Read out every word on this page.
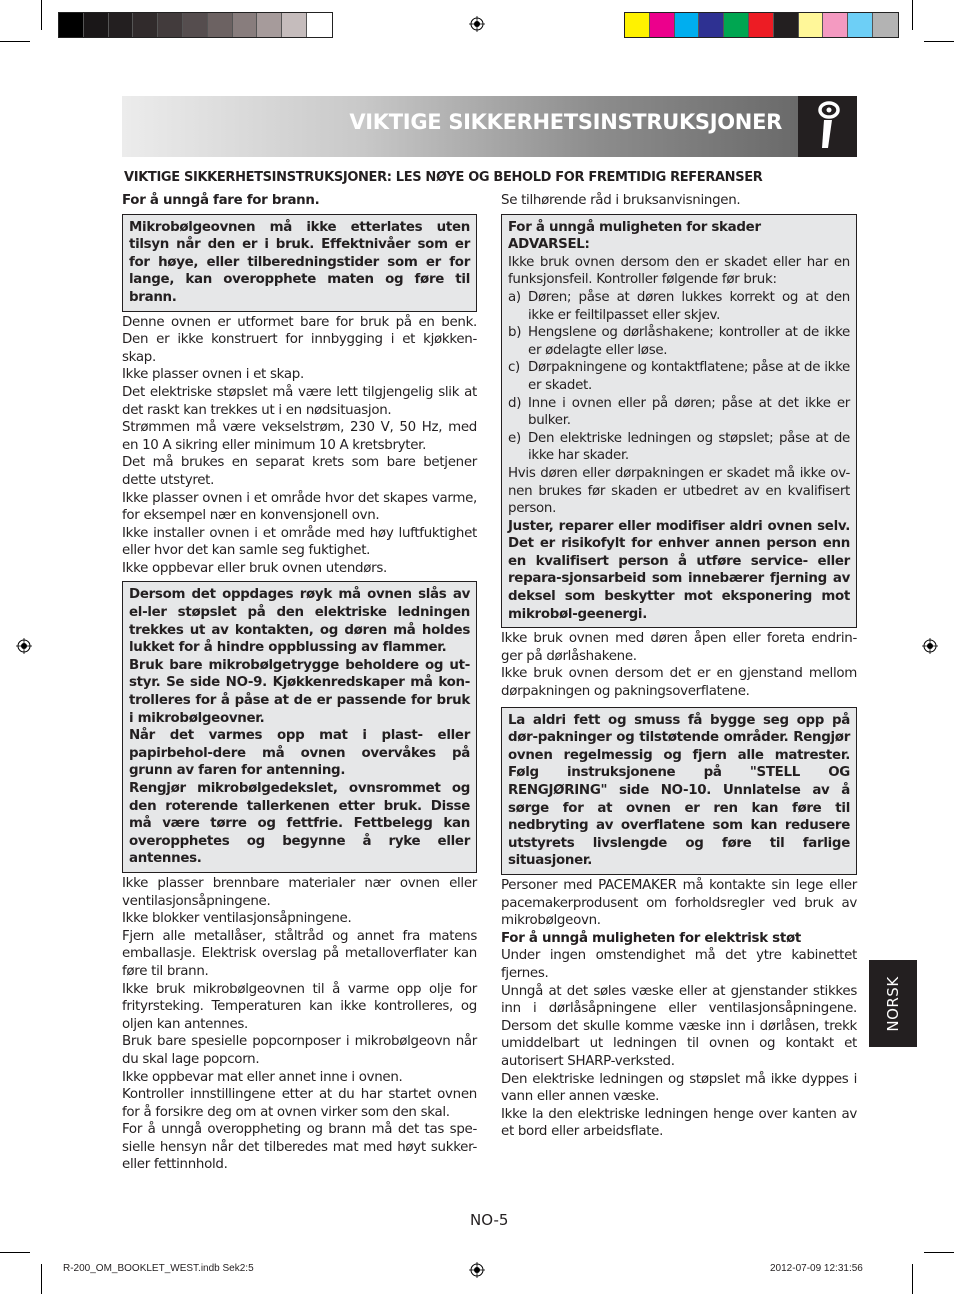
VIKTIGE SIKKERHETSINSTRUKSJONER
VIKTIGE SIKKERHETSINSTRUKSJONER: LES NØYE OG BEHOLD FOR FREMTIDIG REFERANSER

For å unngå fare for brann.

Mikrobølgeovnen må ikke etterlates uten tilsyn når den er i bruk. Effektnivåer som er for høye, eller tilberedningstider som er for lange, kan overopphete maten og føre til brann.

Denne ovnen er utformet bare for bruk på en benk. Den er ikke konstruert for innbygging i et kjøkken-skap.

Ikke plasser ovnen i et skap.

Det elektriske støpslet må være lett tilgjengelig slik at det raskt kan trekkes ut i en nødsituasjon.

Strømmen må være vekselstrøm, 230 V, 50 Hz, med en 10 A sikring eller minimum 10 A kretsbryter.

Det må brukes en separat krets som bare betjener dette utstyret.

Ikke plasser ovnen i et område hvor det skapes varme, for eksempel nær en konvensjonell ovn.

Ikke installer ovnen i et område med høy luftfuktighet eller hvor det kan samle seg fuktighet.

Ikke oppbevar eller bruk ovnen utendørs.

Dersom det oppdages røyk må ovnen slås av el-ler støpslet på den elektriske ledningen trekkes ut av kontakten, og døren må holdes lukket for å hindre oppblussing av flammer.

Bruk bare mikrobølgetrygge beholdere og ut-styr. Se side NO-9. Kjøkkenredskaper må kon-trolleres for å påse at de er passende for bruk i mikrobølgeovner.

Når det varmes opp mat i plast- eller papirbehol-dere må ovnen overvåkes på grunn av faren for antenning.

Rengjør mikrobølgedekslet, ovnsrommet og den roterende tallerkenen etter bruk. Disse må være tørre og fettfrie. Fettbelegg kan overopphetes og begynne å ryke eller antennes.

Ikke plasser brennbare materialer nær ovnen eller ventilasjonsåpningene.

Ikke blokker ventilasjonsåpningene.

Fjern alle metallåser, ståltråd og annet fra matens emballasje. Elektrisk overslag på metalloverflater kan føre til brann.

Ikke bruk mikrobølgeovnen til å varme opp olje for frityrsteking. Temperaturen kan ikke kontrolleres, og oljen kan antennes.

Bruk bare spesielle popcornposer i mikrobølgeovn når du skal lage popcorn.

Ikke oppbevar mat eller annet inne i ovnen.

Kontroller innstillingene etter at du har startet ovnen for å forsikre deg om at ovnen virker som den skal.

For å unngå overoppheting og brann må det tas spe-sielle hensyn når det tilberedes mat med høyt sukker-eller fettinnhold.

Se tilhørende råd i bruksanvisningen.

For å unngå muligheten for skader

ADVARSEL:

Ikke bruk ovnen dersom den er skadet eller har en funksjonsfeil. Kontroller følgende før bruk:

a) Døren; påse at døren lukkes korrekt og at den ikke er feiltilpasset eller skjev.
b) Hengslene og dørlåshakene; kontroller at de ikke er ødelagte eller løse.
c) Dørpakningene og kontaktflatene; påse at de ikke er skadet.
d) Inne i ovnen eller på døren; påse at det ikke er bulker.
e) Den elektriske ledningen og støpslet; påse at de ikke har skader.

Hvis døren eller dørpakningen er skadet må ikke ov-nen brukes før skaden er utbedret av en kvalifisert person.

Juster, reparer eller modifiser aldri ovnen selv. Det er risikofylt for enhver annen person enn en kvalifisert person å utføre service- eller repara-sjonsarbeid som innebærer fjerning av deksel som beskytter mot eksponering mot mikrobøl-geenergi.

Ikke bruk ovnen med døren åpen eller foreta endrin-ger på dørlåshakene.

Ikke bruk ovnen dersom det er en gjenstand mellom dørpakningen og pakningsoverflatene.

La aldri fett og smuss få bygge seg opp på dør-pakninger og tilstøtende områder. Rengjør ovnen regelmessig og fjern alle matrester. Følg instruksjonene på "STELL OG RENGJØRING" side NO-10. Unnlatelse av å sørge for at ovnen er ren kan føre til nedbryting av overflatene som kan redusere utstyrets livslengde og føre til farlige situasjoner.

Personer med PACEMAKER må kontakte sin lege eller pacemakerprodusent om forholdsregler ved bruk av mikrobølgeovn.

For å unngå muligheten for elektrisk støt

Under ingen omstendighet må det ytre kabinettet fjernes.

Unngå at det søles væske eller at gjenstander stikkes inn i dørlåsåpningene eller ventilasjonsåpningene. Dersom det skulle komme væske inn i dørlåsen, trekk umiddelbart ut ledningen til ovnen og kontakt et autorisert SHARP-verksted.

Den elektriske ledningen og støpslet må ikke dyppes i vann eller annen væske.

Ikke la den elektriske ledningen henge over kanten av et bord eller arbeidsflate.

NORSK
NO-5
R-200_OM_BOOKLET_WEST.indb Sek2:5	2012-07-09 12:31:56
